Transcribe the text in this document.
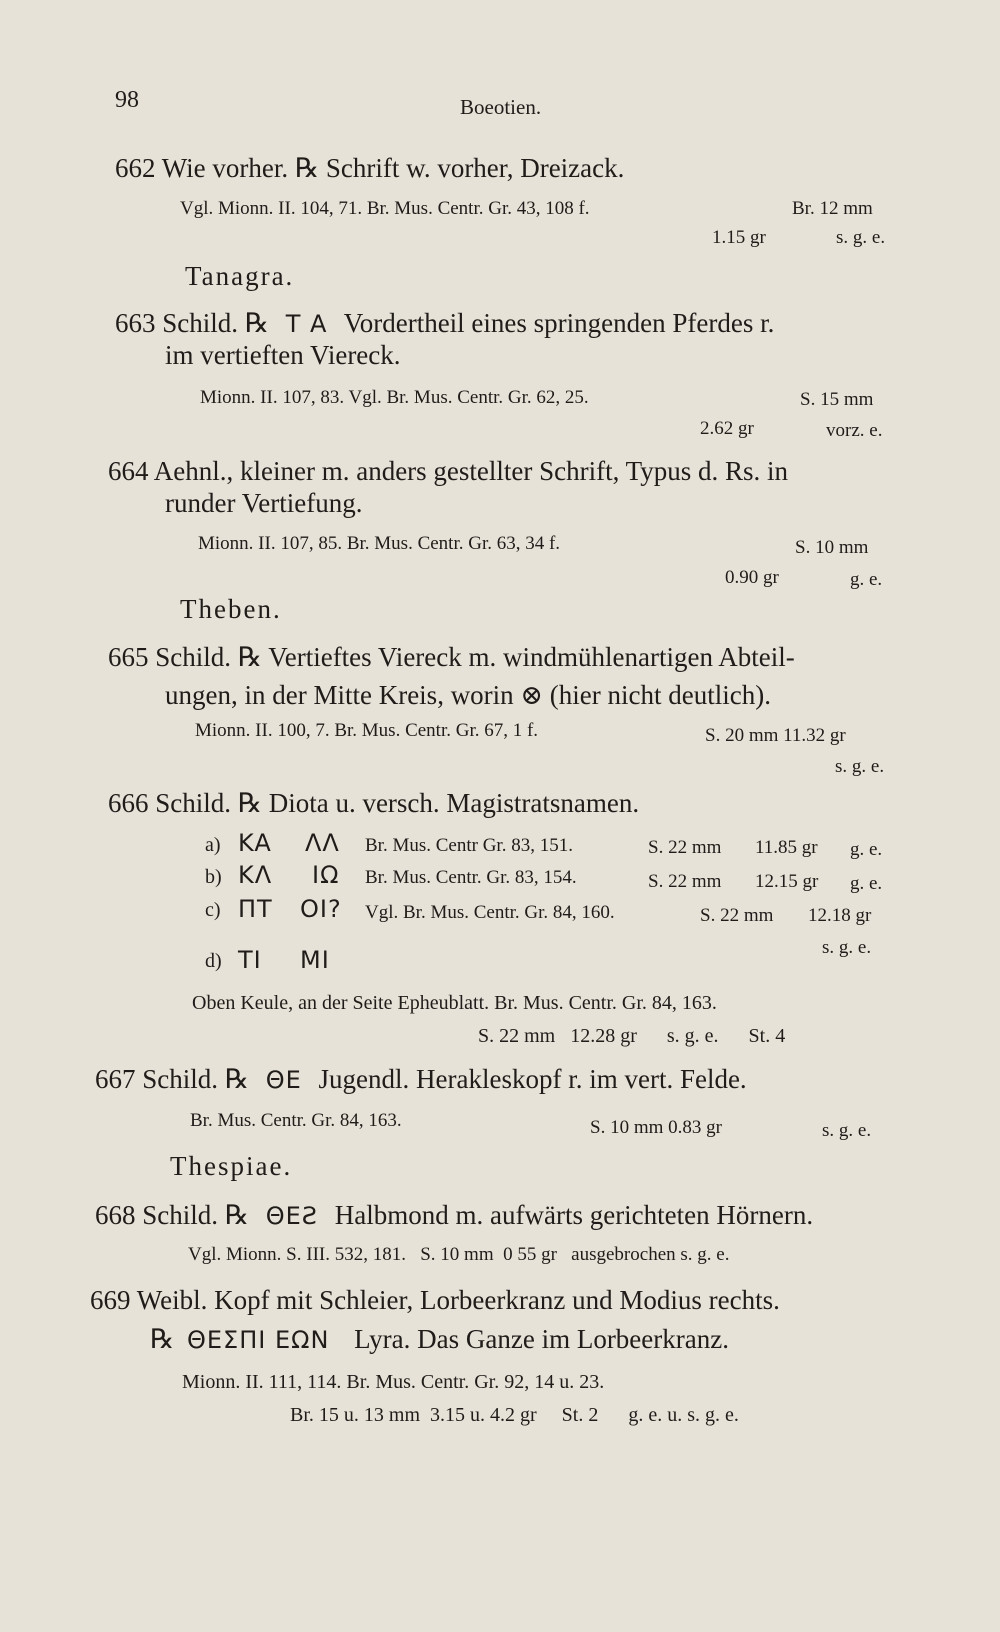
98	Boeotien.
662 Wie vorher. ℞ Schrift w. vorher, Dreizack.
Vgl. Mionn. II. 104, 71. Br. Mus. Centr. Gr. 43, 108 f.	Br. 12 mm
1.15 gr	s. g. e.
Tanagra.
663 Schild. ℞ T A Vordertheil eines springenden Pferdes r.
im vertieften Viereck.
Mionn. II. 107, 83. Vgl. Br. Mus. Centr. Gr. 62, 25.	S. 15 mm
2.62 gr	vorz. e.
664 Aehnl., kleiner m. anders gestellter Schrift, Typus d. Rs. in
runder Vertiefung.
Mionn. II. 107, 85. Br. Mus. Centr. Gr. 63, 34 f.	S. 10 mm
0.90 gr	g. e.
Theben.
665 Schild. ℞ Vertieftes Viereck m. windmühlenartigen Abteil-
ungen, in der Mitte Kreis, worin ⊗ (hier nicht deutlich).
Mionn. II. 100, 7. Br. Mus. Centr. Gr. 67, 1 f.	S. 20 mm 11.32 gr
s. g. e.
666 Schild. ℞ Diota u. versch. Magistratsnamen.
a) KA ΛΛ Br. Mus. Centr Gr. 83, 151.	S. 22 mm 11.85 gr g. e.
b) KΛ IΩ Br. Mus. Centr. Gr. 83, 154.	S. 22 mm 12.15 gr g. e.
c) ΠT OI? Vgl. Br. Mus. Centr. Gr. 84, 160.	S. 22 mm 12.18 gr
s. g. e.
d) TI MI
Oben Keule, an der Seite Epheublatt. Br. Mus. Centr. Gr. 84, 163.
S. 22 mm   12.28 gr      s. g. e.      St. 4
667 Schild. ℞ ΘE Jugendl. Herakleskopf r. im vert. Felde.
Br. Mus. Centr. Gr. 84, 163.	S. 10 mm 0.83 gr	s. g. e.
Thespiae.
668 Schild. ℞ ΘEƧ Halbmond m. aufwärts gerichteten Hörnern.
Vgl. Mionn. S. III. 532, 181.   S. 10 mm  0 55 gr   ausgebrochen s. g. e.
669 Weibl. Kopf mit Schleier, Lorbeerkranz und Modius rechts.
℞ ΘEΣΠI EΩN Lyra. Das Ganze im Lorbeerkranz.
Mionn. II. 111, 114. Br. Mus. Centr. Gr. 92, 14 u. 23.
Br. 15 u. 13 mm  3.15 u. 4.2 gr     St. 2      g. e. u. s. g. e.
